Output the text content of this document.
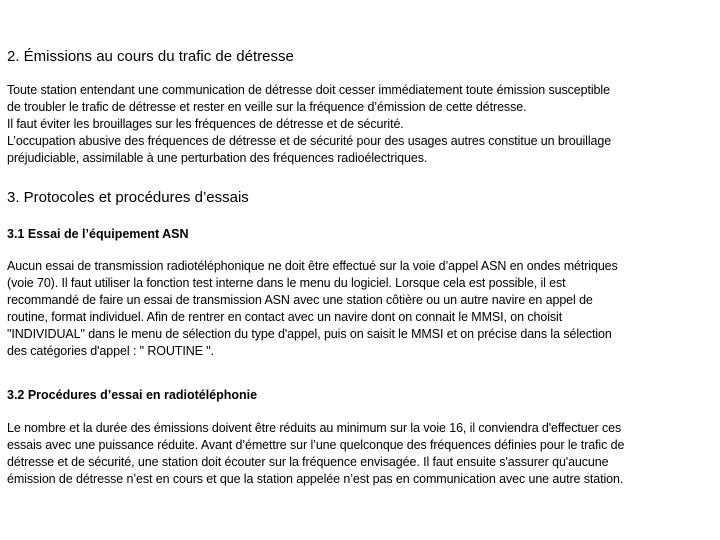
2. Émissions au cours du trafic de détresse
Toute station entendant une communication de détresse doit cesser immédiatement toute émission susceptible
de troubler le trafic de détresse et rester en veille sur la fréquence d’émission de cette détresse.
Il faut éviter les brouillages sur les fréquences de détresse et de sécurité.
L’occupation abusive des fréquences de détresse et de sécurité pour des usages autres constitue un brouillage
préjudiciable, assimilable à une perturbation des fréquences radioélectriques.
3. Protocoles et procédures d’essais
3.1 Essai de l’équipement ASN
Aucun essai de transmission radiotéléphonique ne doit être effectué sur la voie d’appel ASN en ondes métriques
(voie 70). Il faut utiliser la fonction test interne dans le menu du logiciel. Lorsque cela est possible, il est
recommandé de faire un essai de transmission ASN avec une station côtière ou un autre navire en appel de
routine, format individuel. Afin de rentrer en contact avec un navire dont on connait le MMSI, on choisit
"INDIVIDUAL" dans le menu de sélection du type d'appel, puis on saisit le MMSI et on précise dans la sélection
des catégories d'appel : " ROUTINE ".
3.2 Procédures d’essai en radiotéléphonie
Le nombre et la durée des émissions doivent être réduits au minimum sur la voie 16, il conviendra d'effectuer ces
essais avec une puissance réduite. Avant d’émettre sur l’une quelconque des fréquences définies pour le trafic de
détresse et de sécurité, une station doit écouter sur la fréquence envisagée. Il faut ensuite s'assurer qu'aucune
émission de détresse n’est en cours et que la station appelée n’est pas en communication avec une autre station.
